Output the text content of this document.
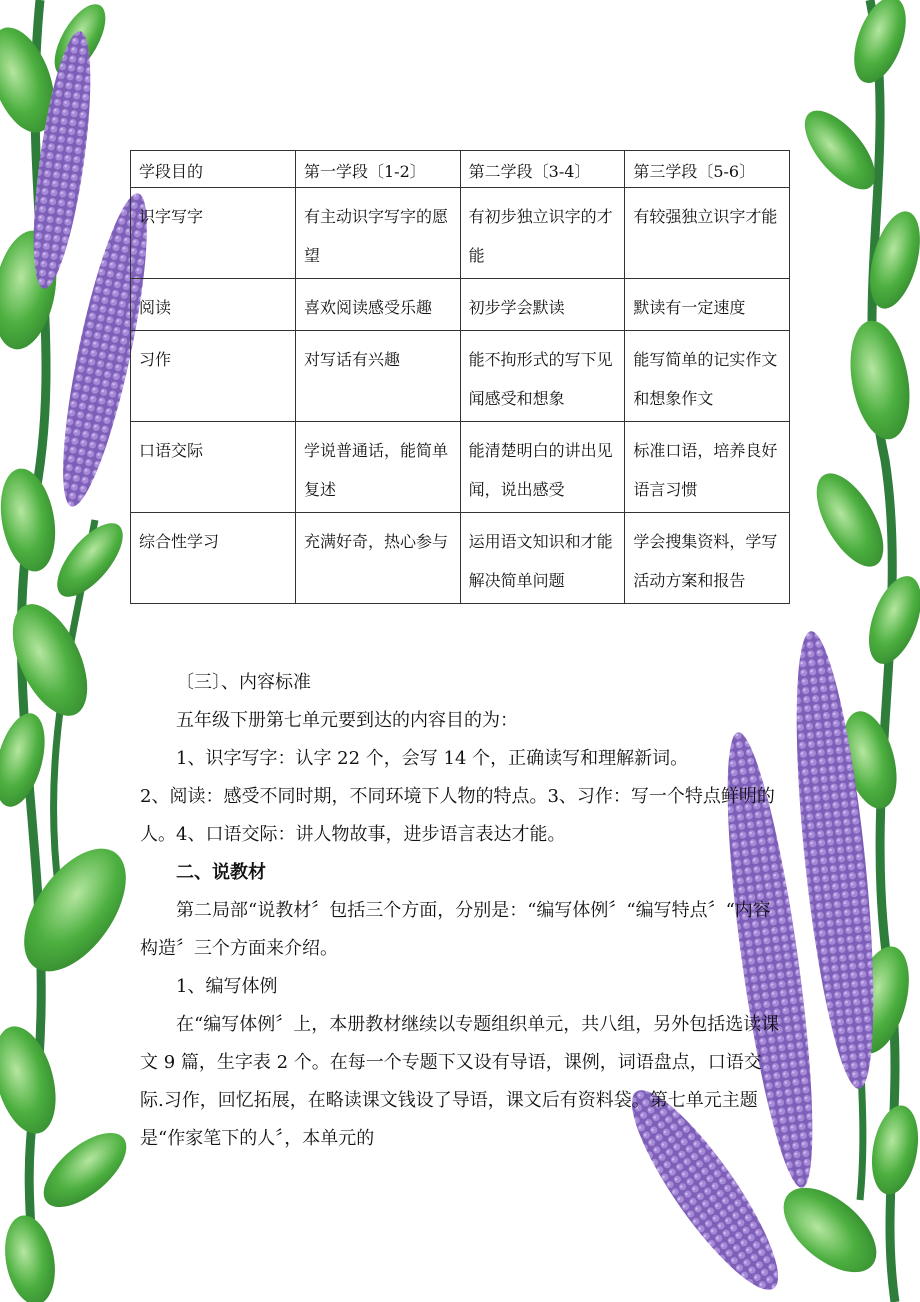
学段目的	第一学段〔1-2〕	第二学段〔3-4〕	第三学段〔5-6〕
识字写字	有主动识字写字的愿望	有初步独立识字的才能	有较强独立识字才能
阅读	喜欢阅读感受乐趣	初步学会默读	默读有一定速度
习作	对写话有兴趣	能不拘形式的写下见闻感受和想象	能写简单的记实作文和想象作文
口语交际	学说普通话，能简单复述	能清楚明白的讲出见闻，说出感受	标准口语，培养良好语言习惯
综合性学习	充满好奇，热心参与	运用语文知识和才能解决简单问题	学会搜集资料，学写活动方案和报告

〔三〕、内容标准

五年级下册第七单元要到达的内容目的为：

1、识字写字：认字 22 个，会写 14 个，正确读写和理解新词。

2、阅读：感受不同时期，不同环境下人物的特点。3、习作：写一个特点鲜明的人。4、口语交际：讲人物故事，进步语言表达才能。

二、说教材

第二局部“说教材〞包括三个方面，分别是：“编写体例〞“编写特点〞“内容构造〞三个方面来介绍。

1、编写体例

在“编写体例〞上，本册教材继续以专题组织单元，共八组，另外包括选读课文 9 篇，生字表 2 个。在每一个专题下又设有导语，课例，词语盘点，口语交际.习作，回忆拓展，在略读课文钱设了导语，课文后有资料袋。第七单元主题是“作家笔下的人〞，本单元的
